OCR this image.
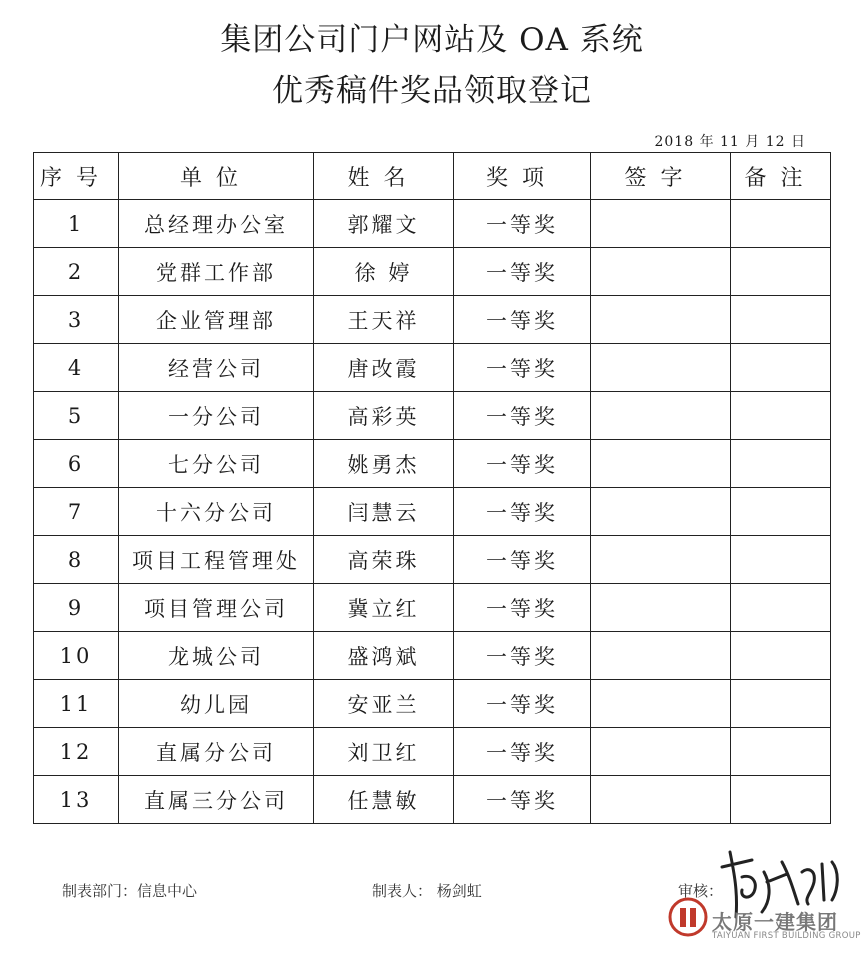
集团公司门户网站及 OA 系统
优秀稿件奖品领取登记
2018 年 11 月 12 日
序号	单位	姓名	奖项	签字	备注
1	总经理办公室	郭耀文	一等奖		
2	党群工作部	徐 婷	一等奖		
3	企业管理部	王天祥	一等奖		
4	经营公司	唐改霞	一等奖		
5	一分公司	高彩英	一等奖		
6	七分公司	姚勇杰	一等奖		
7	十六分公司	闫慧云	一等奖		
8	项目工程管理处	高荣珠	一等奖		
9	项目管理公司	冀立红	一等奖		
10	龙城公司	盛鸿斌	一等奖		
11	幼儿园	安亚兰	一等奖		
12	直属分公司	刘卫红	一等奖		
13	直属三分公司	任慧敏	一等奖		
制表部门：信息中心	制表人： 杨剑虹	审核：
太原一建集团
TAIYUAN FIRST BUILDING GROUP
